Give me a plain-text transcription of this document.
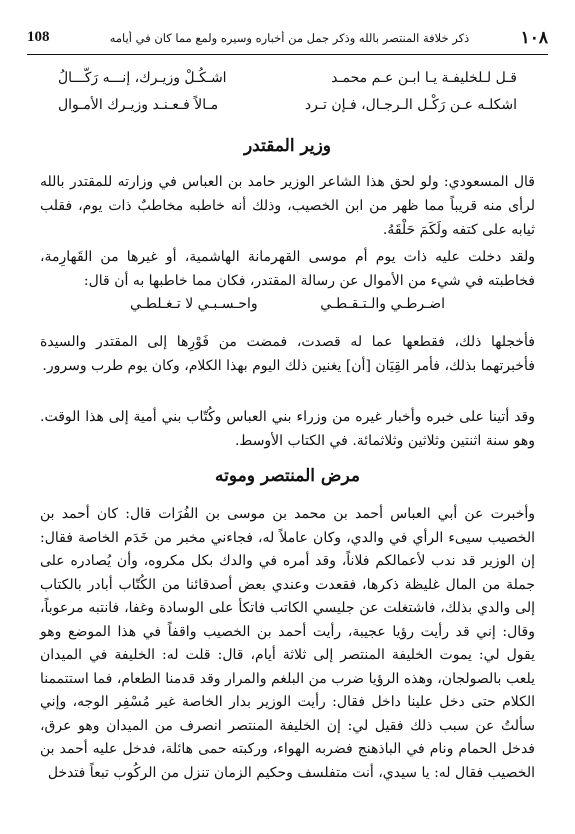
١٠٨
ذكر خلافة المنتصر بالله وذكر جمل من أخباره وسيره ولمع مما كان في أيامه
108
قـل لـلخليفـة يـا ابـن عـم محمـد
اشـكُـلْ وزيـرك، إنـــه رَكّـــالُ
اشكلـه عـن رَكْـل الـرجـال، فـإن تـرد
مـالاً فـعـنـد وزيـرك الأمـوال
وزير المقتدر
قال المسعودي: ولو لحق هذا الشاعر الوزير حامد بن العباس في وزارته للمقتدر بالله لرأى منه قريباً مما ظهر من ابن الخصيب، وذلك أنه خاطبه مخاطبٌ ذات يوم، فقلب ثيابه على كتفه ولَكَمَ حَلْقَهُ.
ولقد دخلت عليه ذات يوم أم موسى القهرمانة الهاشمية، أو غيرها من القَهارِمة، فخاطبته في شيء من الأموال عن رسالة المقتدر، فكان مما خاطبها به أن قال:
اضـرطـي والـتـقـطـي
واحـسـبـي لا تـغـلطـي
فأخجلها ذلك، فقطعها عما له قصدت، فمضت من فَوْرِها إلى المقتدر والسيدة فأخبرتهما بذلك، فأمر القِيَان [أن] يغنين ذلك اليوم بهذا الكلام، وكان يوم طرب وسرور.
وقد أتينا على خبره وأخبار غيره من وزراء بني العباس وكُتّاب بني أمية إلى هذا الوقت. وهو سنة اثنتين وثلاثين وثلاثمائة. في الكتاب الأوسط.
مرض المنتصر وموته
وأخبرت عن أبي العباس أحمد بن محمد بن موسى بن الفُرَات قال: كان أحمد بن الخصيب سيىء الرأي في والدي، وكان عاملاً له، فجاءني مخبر من خَدَم الخاصة فقال: إن الوزير قد ندب لأعمالكم فلاناً، وقد أمره في والدك بكل مكروه، وأن يُصادره على جملة من المال غليظة ذكرها، فقعدت وعندي بعض أصدقائنا من الكُتّاب أبادر بالكتاب إلى والدي بذلك، فاشتغلت عن جليسي الكاتب فاتكأ على الوسادة وغفا، فانتبه مرعوباً، وقال: إني قد رأيت رؤيا عجيبة، رأيت أحمد بن الخصيب واقفاً في هذا الموضع وهو يقول لي: يموت الخليفة المنتصر إلى ثلاثة أيام، قال: قلت له: الخليفة في الميدان يلعب بالصولجان، وهذه الرؤيا ضرب من البلغم والمرار وقد قدمنا الطعام، فما استتممنا الكلام حتى دخل علينا داخل فقال: رأيت الوزير بدار الخاصة غير مُسْفِر الوجه، وإني سألتُ عن سبب ذلك فقيل لي: إن الخليفة المنتصر انصرف من الميدان وهو عرق، فدخل الحمام ونام في الباذهنج فضربه الهواء، وركبته حمى هائلة، فدخل عليه أحمد بن الخصيب فقال له: يا سيدي، أنت متفلسف وحكيم الزمان تنزل من الركُوب تبعاً فتدخل
